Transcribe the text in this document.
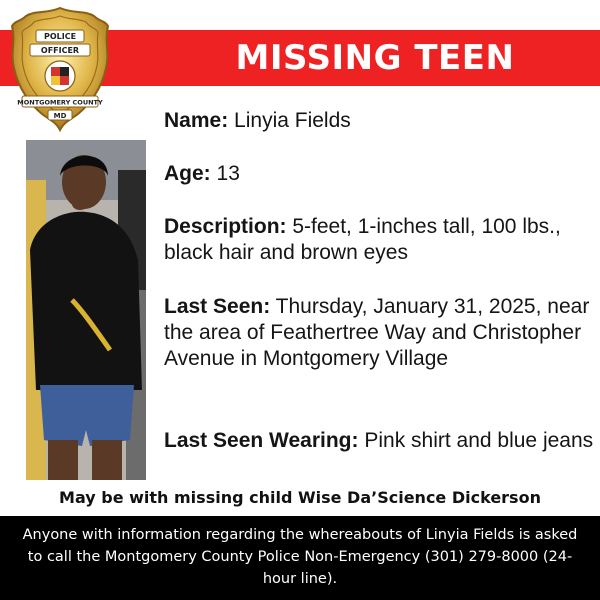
MISSING TEEN
POLICE
OFFICER
MONTGOMERY COUNTY
MD	Name: Linyia Fields
Age: 13
Description: 5-feet, 1-inches tall, 100 lbs., black hair and brown eyes
Last Seen: Thursday, January 31, 2025, near the area of Feathertree Way and Christopher Avenue in Montgomery Village
Last Seen Wearing: Pink shirt and blue jeans
May be with missing child Wise Da’Science Dickerson
Anyone with information regarding the whereabouts of Linyia Fields is asked to call the Montgomery County Police Non-Emergency (301) 279-8000 (24-hour line).
